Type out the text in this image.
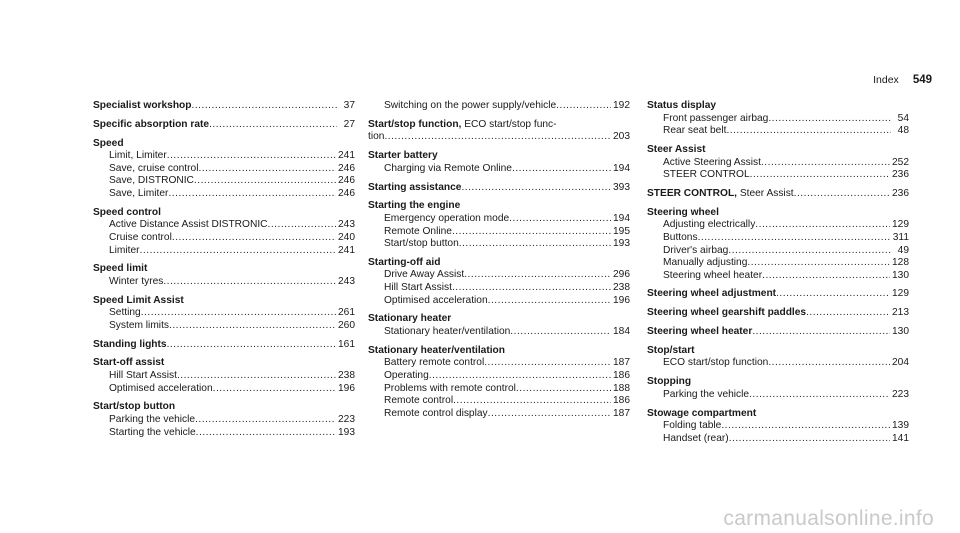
Index 549
Specialist workshop .....	37
Specific absorption rate .....	27
Speed
Limit, Limiter .....	241
Save, cruise control .....	246
Save, DISTRONIC .....	246
Save, Limiter .....	246
Speed control
Active Distance Assist DISTRONIC .....	243
Cruise control .....	240
Limiter .....	241
Speed limit
Winter tyres .....	243
Speed Limit Assist
Setting .....	261
System limits .....	260
Standing lights .....	161
Start-off assist
Hill Start Assist .....	238
Optimised acceleration .....	196
Start/stop button
Parking the vehicle .....	223
Starting the vehicle .....	193
Switching on the power supply/vehicle .....	192
Start/stop function, ECO start/stop func-
tion .....	203
Starter battery
Charging via Remote Online .....	194
Starting assistance .....	393
Starting the engine
Emergency operation mode .....	194
Remote Online .....	195
Start/stop button .....	193
Starting-off aid
Drive Away Assist .....	296
Hill Start Assist .....	238
Optimised acceleration .....	196
Stationary heater
Stationary heater/ventilation .....	184
Stationary heater/ventilation
Battery remote control .....	187
Operating .....	186
Problems with remote control .....	188
Remote control .....	186
Remote control display .....	187
Status display
Front passenger airbag .....	54
Rear seat belt .....	48
Steer Assist
Active Steering Assist .....	252
STEER CONTROL .....	236
STEER CONTROL, Steer Assist .....	236
Steering wheel
Adjusting electrically .....	129
Buttons .....	311
Driver's airbag .....	49
Manually adjusting .....	128
Steering wheel heater .....	130
Steering wheel adjustment .....	129
Steering wheel gearshift paddles .....	213
Steering wheel heater .....	130
Stop/start
ECO start/stop function .....	204
Stopping
Parking the vehicle .....	223
Stowage compartment
Folding table .....	139
Handset (rear) .....	141
carmanualsonline.info
